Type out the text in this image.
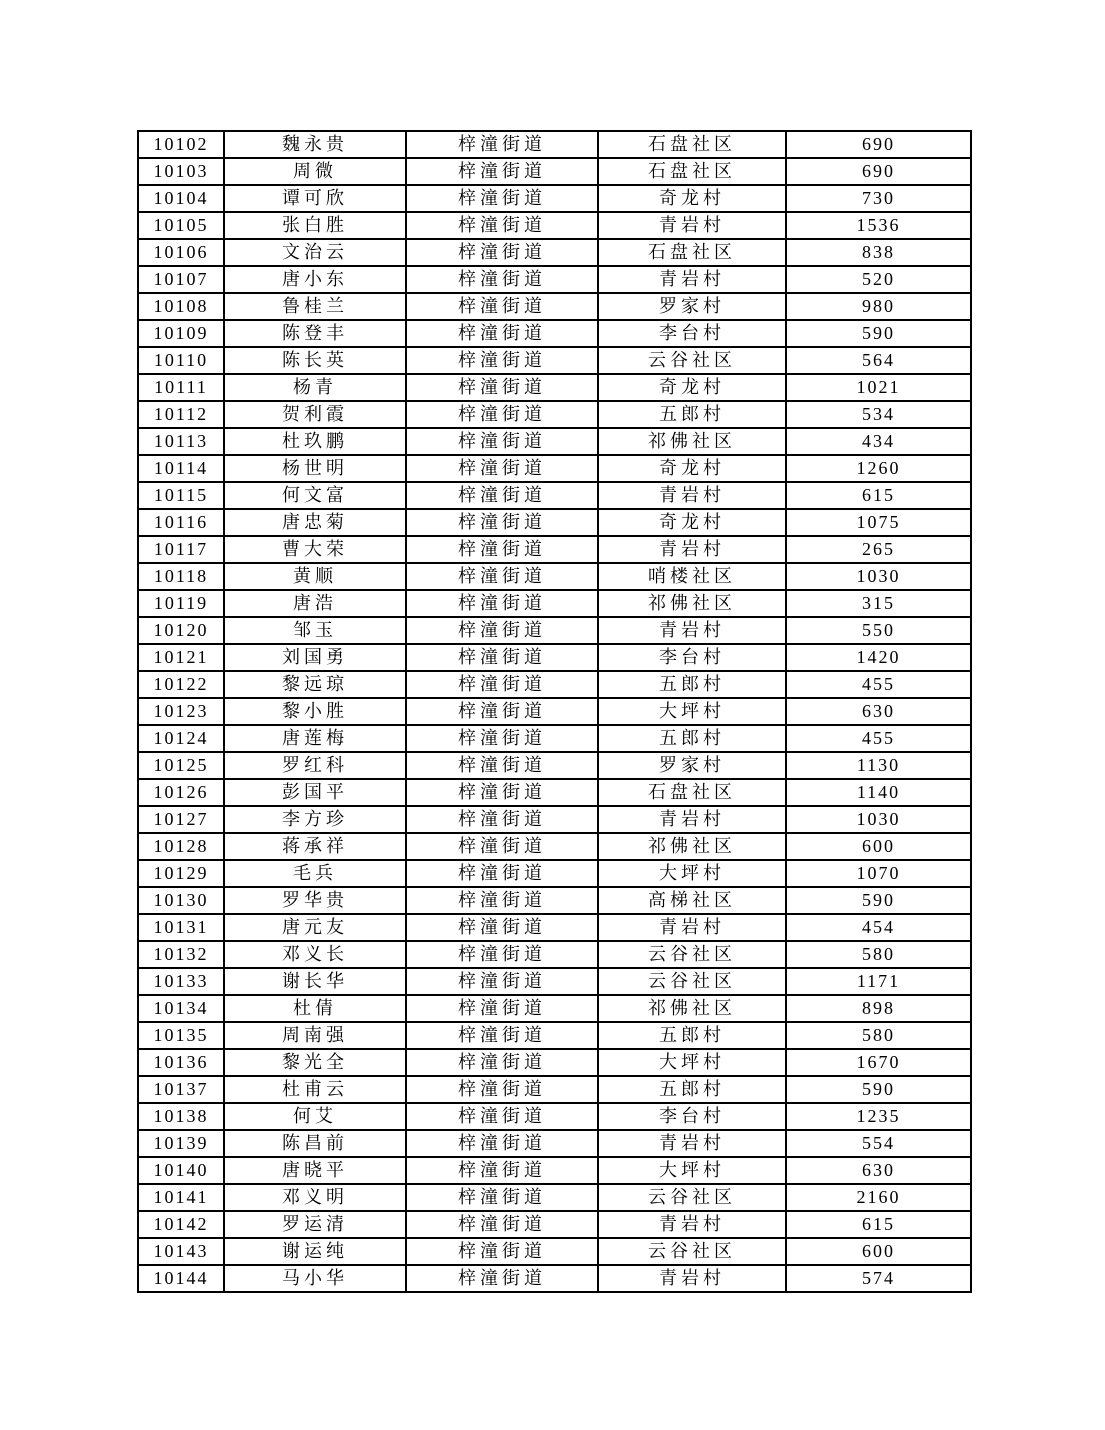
10102	魏永贵	梓潼街道	石盘社区	690
10103	周微	梓潼街道	石盘社区	690
10104	谭可欣	梓潼街道	奇龙村	730
10105	张白胜	梓潼街道	青岩村	1536
10106	文治云	梓潼街道	石盘社区	838
10107	唐小东	梓潼街道	青岩村	520
10108	鲁桂兰	梓潼街道	罗家村	980
10109	陈登丰	梓潼街道	李台村	590
10110	陈长英	梓潼街道	云谷社区	564
10111	杨青	梓潼街道	奇龙村	1021
10112	贺利霞	梓潼街道	五郎村	534
10113	杜玖鹏	梓潼街道	祁佛社区	434
10114	杨世明	梓潼街道	奇龙村	1260
10115	何文富	梓潼街道	青岩村	615
10116	唐忠菊	梓潼街道	奇龙村	1075
10117	曹大荣	梓潼街道	青岩村	265
10118	黄顺	梓潼街道	哨楼社区	1030
10119	唐浩	梓潼街道	祁佛社区	315
10120	邹玉	梓潼街道	青岩村	550
10121	刘国勇	梓潼街道	李台村	1420
10122	黎远琼	梓潼街道	五郎村	455
10123	黎小胜	梓潼街道	大坪村	630
10124	唐莲梅	梓潼街道	五郎村	455
10125	罗红科	梓潼街道	罗家村	1130
10126	彭国平	梓潼街道	石盘社区	1140
10127	李方珍	梓潼街道	青岩村	1030
10128	蒋承祥	梓潼街道	祁佛社区	600
10129	毛兵	梓潼街道	大坪村	1070
10130	罗华贵	梓潼街道	高梯社区	590
10131	唐元友	梓潼街道	青岩村	454
10132	邓义长	梓潼街道	云谷社区	580
10133	谢长华	梓潼街道	云谷社区	1171
10134	杜倩	梓潼街道	祁佛社区	898
10135	周南强	梓潼街道	五郎村	580
10136	黎光全	梓潼街道	大坪村	1670
10137	杜甫云	梓潼街道	五郎村	590
10138	何艾	梓潼街道	李台村	1235
10139	陈昌前	梓潼街道	青岩村	554
10140	唐晓平	梓潼街道	大坪村	630
10141	邓义明	梓潼街道	云谷社区	2160
10142	罗运清	梓潼街道	青岩村	615
10143	谢运纯	梓潼街道	云谷社区	600
10144	马小华	梓潼街道	青岩村	574
